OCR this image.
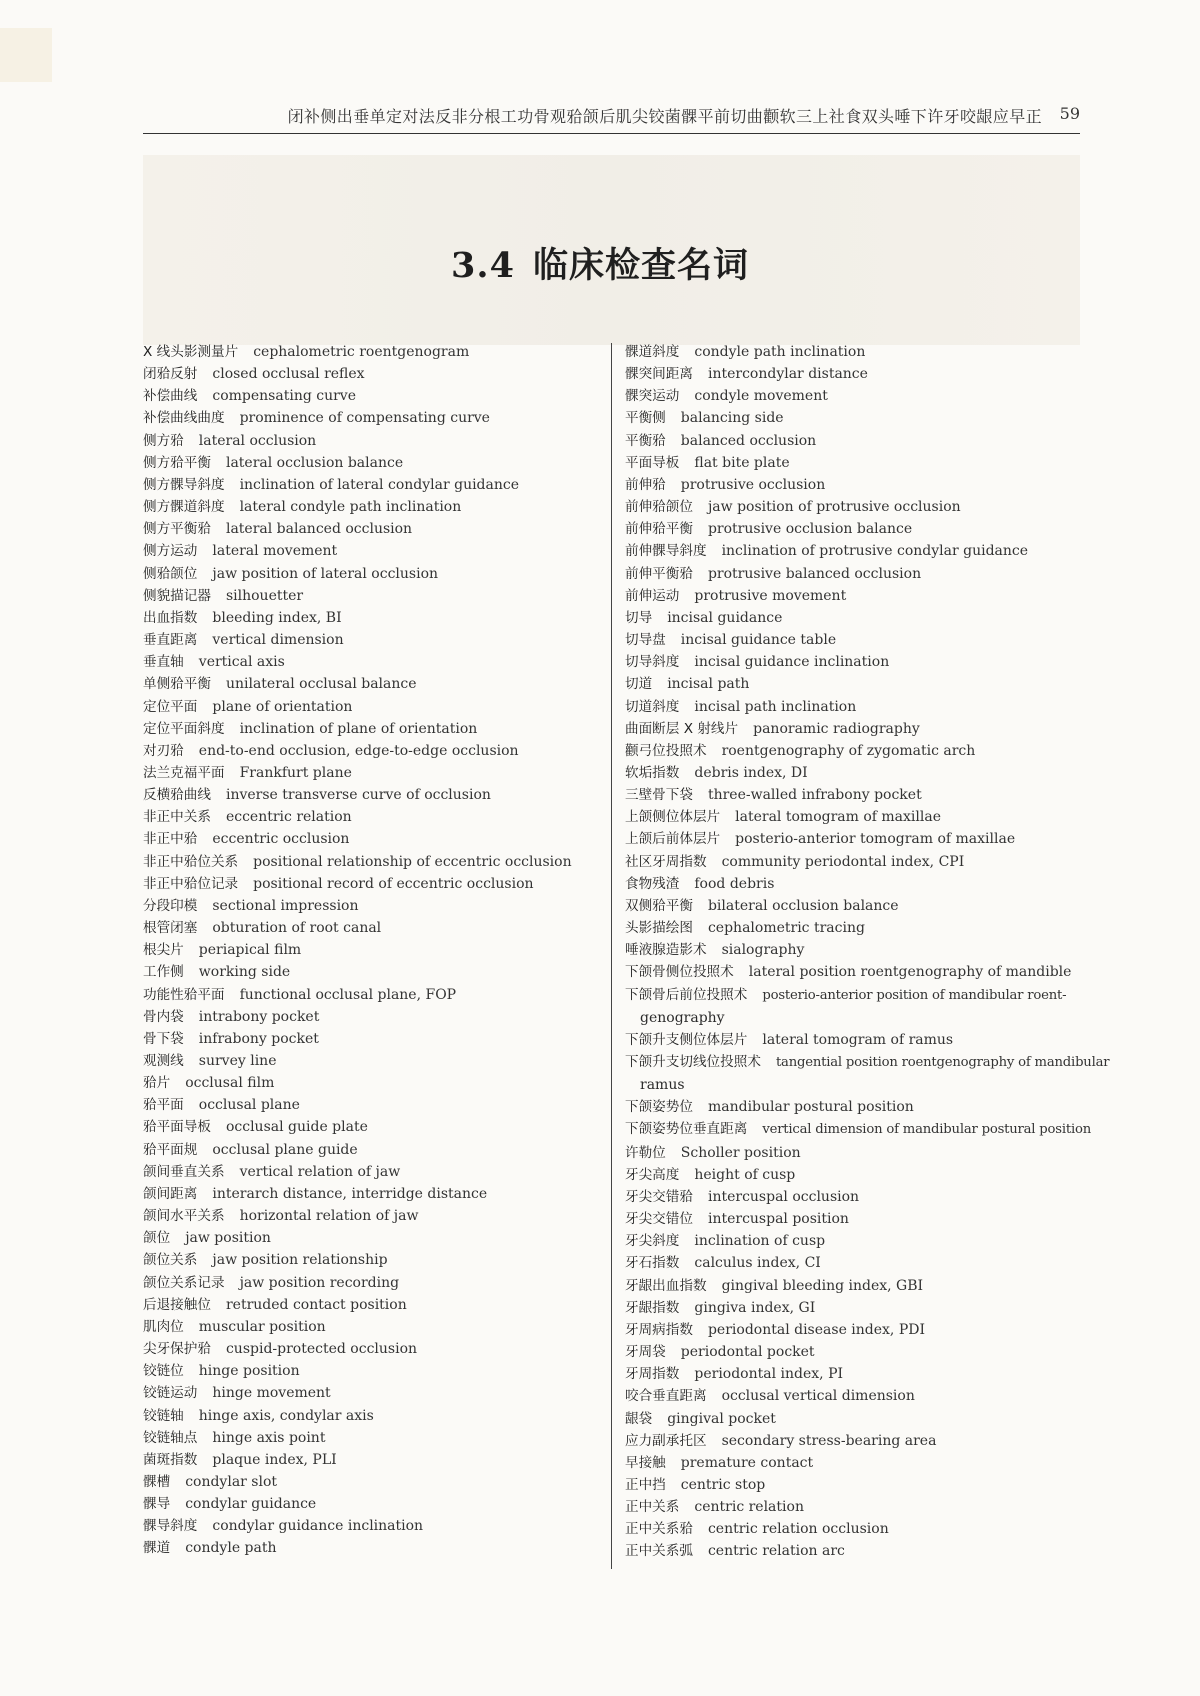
闭补侧出垂单定对法反非分根工功骨观𬌗颌后肌尖铰菌髁平前切曲颧软三上社食双头唾下许牙咬龈应早正 59
3.4 临床检查名词
X 线头影测量片 cephalometric roentgenogram
闭𬌗反射 closed occlusal reflex
补偿曲线 compensating curve
补偿曲线曲度 prominence of compensating curve
侧方𬌗 lateral occlusion
侧方𬌗平衡 lateral occlusion balance
侧方髁导斜度 inclination of lateral condylar guidance
侧方髁道斜度 lateral condyle path inclination
侧方平衡𬌗 lateral balanced occlusion
侧方运动 lateral movement
侧𬌗颌位 jaw position of lateral occlusion
侧貌描记器 silhouetter
出血指数 bleeding index, BI
垂直距离 vertical dimension
垂直轴 vertical axis
单侧𬌗平衡 unilateral occlusal balance
定位平面 plane of orientation
定位平面斜度 inclination of plane of orientation
对刃𬌗 end-to-end occlusion, edge-to-edge occlusion
法兰克福平面 Frankfurt plane
反横𬌗曲线 inverse transverse curve of occlusion
非正中关系 eccentric relation
非正中𬌗 eccentric occlusion
非正中𬌗位关系 positional relationship of eccentric occlusion
非正中𬌗位记录 positional record of eccentric occlusion
分段印模 sectional impression
根管闭塞 obturation of root canal
根尖片 periapical film
工作侧 working side
功能性𬌗平面 functional occlusal plane, FOP
骨内袋 intrabony pocket
骨下袋 infrabony pocket
观测线 survey line
𬌗片 occlusal film
𬌗平面 occlusal plane
𬌗平面导板 occlusal guide plate
𬌗平面规 occlusal plane guide
颌间垂直关系 vertical relation of jaw
颌间距离 interarch distance, interridge distance
颌间水平关系 horizontal relation of jaw
颌位 jaw position
颌位关系 jaw position relationship
颌位关系记录 jaw position recording
后退接触位 retruded contact position
肌肉位 muscular position
尖牙保护𬌗 cuspid-protected occlusion
铰链位 hinge position
铰链运动 hinge movement
铰链轴 hinge axis, condylar axis
铰链轴点 hinge axis point
菌斑指数 plaque index, PLI
髁槽 condylar slot
髁导 condylar guidance
髁导斜度 condylar guidance inclination
髁道 condyle path
髁道斜度 condyle path inclination
髁突间距离 intercondylar distance
髁突运动 condyle movement
平衡侧 balancing side
平衡𬌗 balanced occlusion
平面导板 flat bite plate
前伸𬌗 protrusive occlusion
前伸𬌗颌位 jaw position of protrusive occlusion
前伸𬌗平衡 protrusive occlusion balance
前伸髁导斜度 inclination of protrusive condylar guidance
前伸平衡𬌗 protrusive balanced occlusion
前伸运动 protrusive movement
切导 incisal guidance
切导盘 incisal guidance table
切导斜度 incisal guidance inclination
切道 incisal path
切道斜度 incisal path inclination
曲面断层 X 射线片 panoramic radiography
颧弓位投照术 roentgenography of zygomatic arch
软垢指数 debris index, DI
三壁骨下袋 three-walled infrabony pocket
上颌侧位体层片 lateral tomogram of maxillae
上颌后前体层片 posterio-anterior tomogram of maxillae
社区牙周指数 community periodontal index, CPI
食物残渣 food debris
双侧𬌗平衡 bilateral occlusion balance
头影描绘图 cephalometric tracing
唾液腺造影术 sialography
下颌骨侧位投照术 lateral position roentgenography of mandible
下颌骨后前位投照术 posterio-anterior position of mandibular roent-
genography
下颌升支侧位体层片 lateral tomogram of ramus
下颌升支切线位投照术 tangential position roentgenography of mandibular
ramus
下颌姿势位 mandibular postural position
下颌姿势位垂直距离 vertical dimension of mandibular postural position
许勒位 Scholler position
牙尖高度 height of cusp
牙尖交错𬌗 intercuspal occlusion
牙尖交错位 intercuspal position
牙尖斜度 inclination of cusp
牙石指数 calculus index, CI
牙龈出血指数 gingival bleeding index, GBI
牙龈指数 gingiva index, GI
牙周病指数 periodontal disease index, PDI
牙周袋 periodontal pocket
牙周指数 periodontal index, PI
咬合垂直距离 occlusal vertical dimension
龈袋 gingival pocket
应力副承托区 secondary stress-bearing area
早接触 premature contact
正中挡 centric stop
正中关系 centric relation
正中关系𬌗 centric relation occlusion
正中关系弧 centric relation arc
